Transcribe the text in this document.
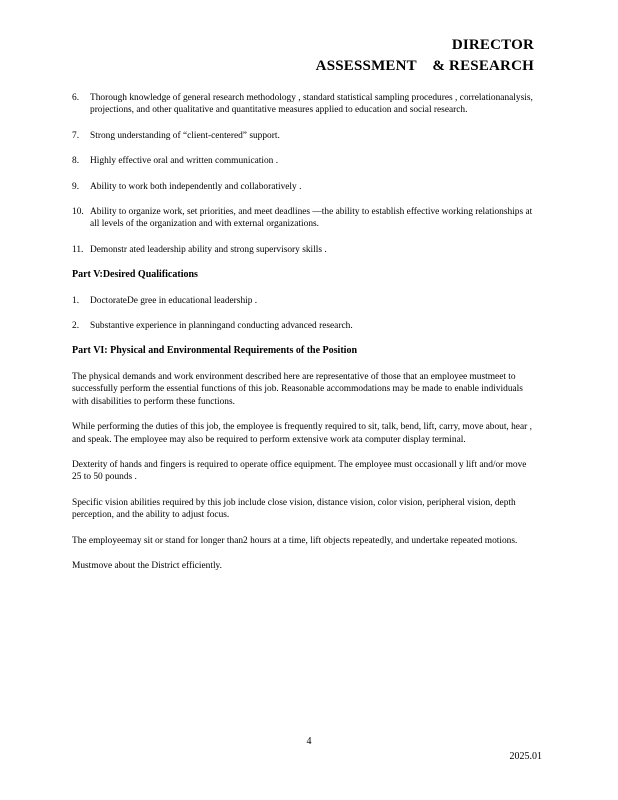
DIRECTOR
ASSESSMENT    & RESEARCH
6. Thorough knowledge of general research methodology , standard statistical sampling procedures , correlationanalysis, projections, and other qualitative and quantitative measures applied to education and social research.
7. Strong understanding of “client-centered” support.
8. Highly effective oral and written communication .
9. Ability to work both independently and collaboratively .
10. Ability to organize work, set priorities, and meet deadlines —the ability to establish effective working relationships at all levels of the organization and with external organizations.
11. Demonstr ated leadership ability and strong supervisory skills .
Part V:Desired Qualifications
1. DoctorateDe gree in educational leadership .
2. Substantive experience in planningand conducting advanced research.
Part VI: Physical and Environmental Requirements of the Position
The physical demands and work environment described here are representative of those that an employee mustmeet to successfully perform the essential functions of this job. Reasonable accommodations may be made to enable individuals with disabilities to perform these functions.
While performing the duties of this job, the employee is frequently required to sit, talk, bend, lift, carry, move about, hear , and speak. The employee may also be required to perform extensive work ata computer display terminal.
Dexterity of hands and fingers is required to operate office equipment. The employee must occasionall y lift and/or move 25 to 50 pounds .
Specific vision abilities required by this job include close vision, distance vision, color vision, peripheral vision, depth perception, and the ability to adjust focus.
The employeemay sit or stand for longer than2 hours at a time, lift objects repeatedly, and undertake repeated motions.
Mustmove about the District efficiently.
4
2025.01
